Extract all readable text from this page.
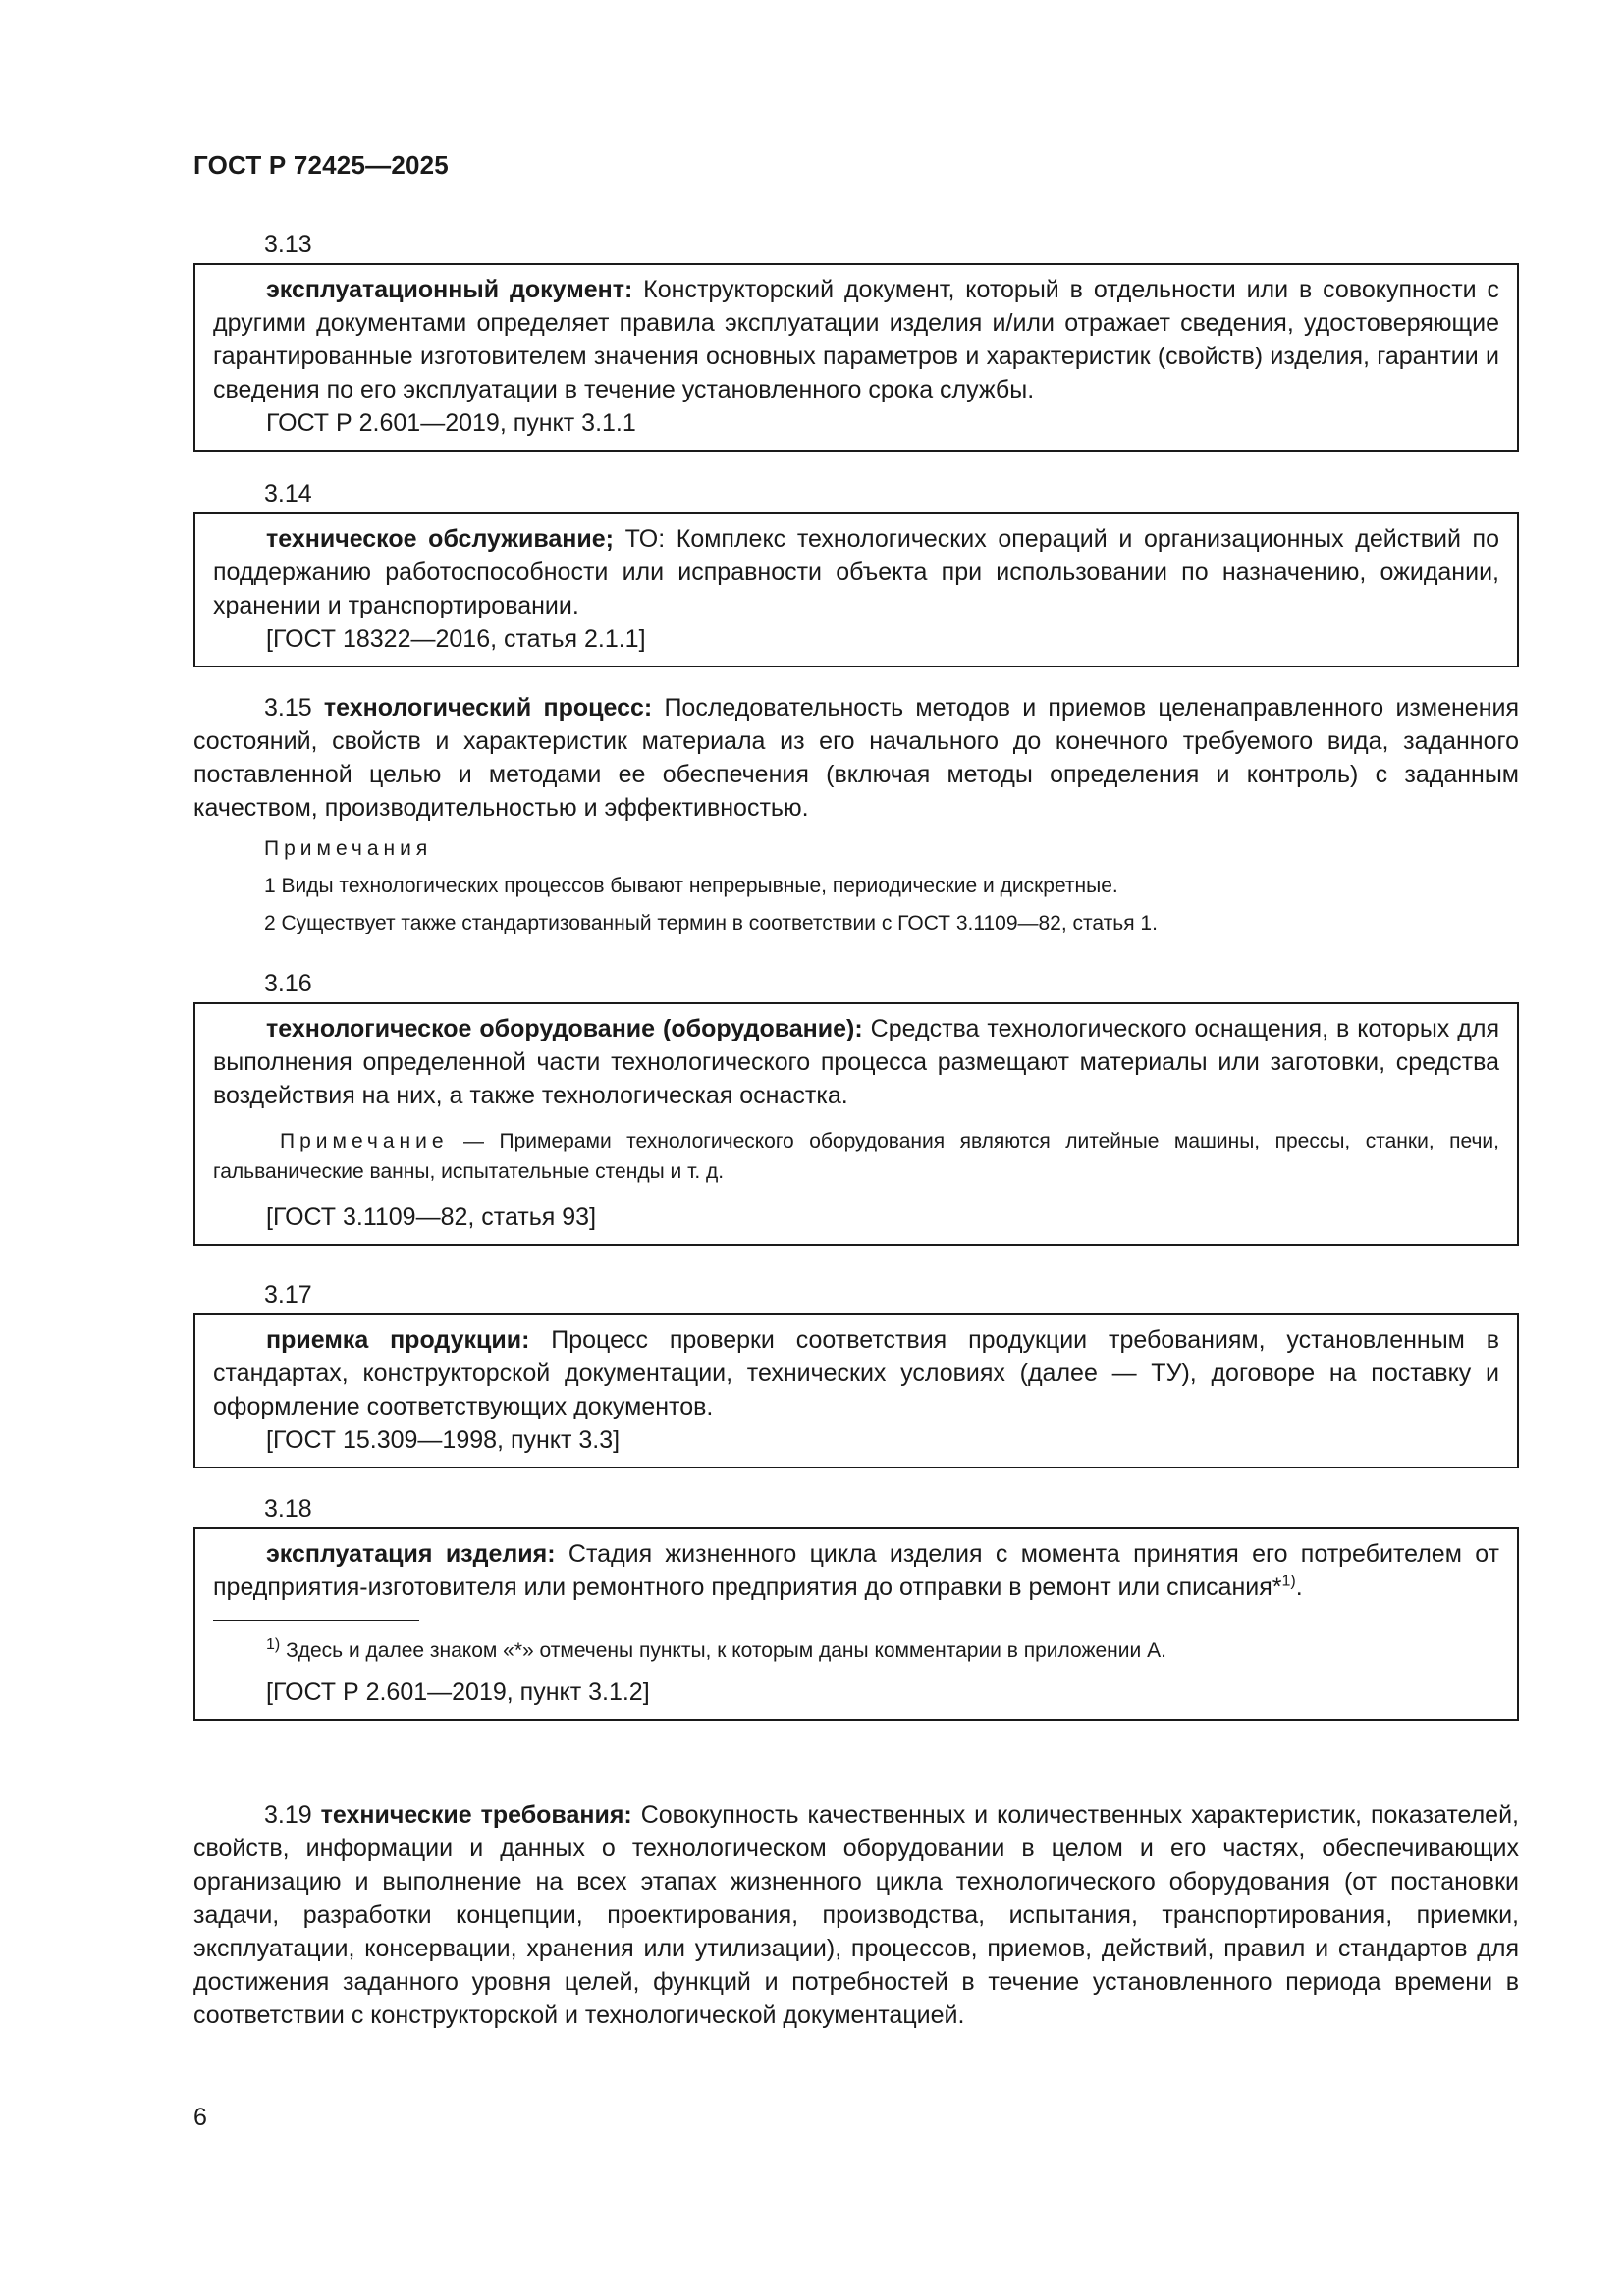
ГОСТ Р 72425—2025
3.13

эксплуатационный документ: Конструкторский документ, который в отдельности или в совокупности с другими документами определяет правила эксплуатации изделия и/или отражает сведения, удостоверяющие гарантированные изготовителем значения основных параметров и характеристик (свойств) изделия, гарантии и сведения по его эксплуатации в течение установленного срока службы.

ГОСТ Р 2.601—2019, пункт 3.1.1
3.14

техническое обслуживание; ТО: Комплекс технологических операций и организационных действий по поддержанию работоспособности или исправности объекта при использовании по назначению, ожидании, хранении и транспортировании.

[ГОСТ 18322—2016, статья 2.1.1]

3.15 технологический процесс: Последовательность методов и приемов целенаправленного изменения состояний, свойств и характеристик материала из его начального до конечного требуемого вида, заданного поставленной целью и методами ее обеспечения (включая методы определения и контроль) с заданным качеством, производительностью и эффективностью.

Примечания
1 Виды технологических процессов бывают непрерывные, периодические и дискретные.
2 Существует также стандартизованный термин в соответствии с ГОСТ 3.1109—82, статья 1.
3.16

технологическое оборудование (оборудование): Средства технологического оснащения, в которых для выполнения определенной части технологического процесса размещают материалы или заготовки, средства воздействия на них, а также технологическая оснастка.

Примечание — Примерами технологического оборудования являются литейные машины, прессы, станки, печи, гальванические ванны, испытательные стенды и т. д.

[ГОСТ 3.1109—82, статья 93]
3.17

приемка продукции: Процесс проверки соответствия продукции требованиям, установленным в стандартах, конструкторской документации, технических условиях (далее — ТУ), договоре на поставку и оформление соответствующих документов.

[ГОСТ 15.309—1998, пункт 3.3]
3.18

эксплуатация изделия: Стадия жизненного цикла изделия с момента принятия его потребителем от предприятия-изготовителя или ремонтного предприятия до отправки в ремонт или списания*$^{1)}$.

$^{1)}$ Здесь и далее знаком «*» отмечены пункты, к которым даны комментарии в приложении А.
[ГОСТ Р 2.601—2019, пункт 3.1.2]

3.19 технические требования: Совокупность качественных и количественных характеристик, показателей, свойств, информации и данных о технологическом оборудовании в целом и его частях, обеспечивающих организацию и выполнение на всех этапах жизненного цикла технологического оборудования (от постановки задачи, разработки концепции, проектирования, производства, испытания, транспортирования, приемки, эксплуатации, консервации, хранения или утилизации), процессов, приемов, действий, правил и стандартов для достижения заданного уровня целей, функций и потребностей в течение установленного периода времени в соответствии с конструкторской и технологической документацией.

6
